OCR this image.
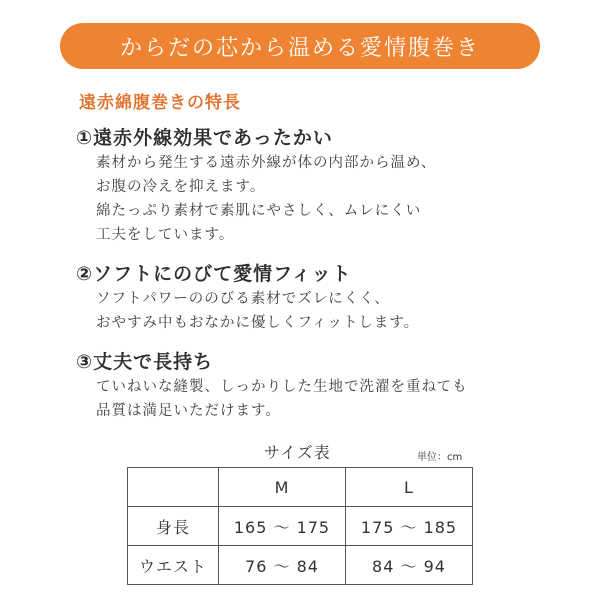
からだの芯から温める愛情腹巻き
遠赤綿腹巻きの特長
①遠赤外線効果であったかい
素材から発生する遠赤外線が体の内部から温め、
お腹の冷えを抑えます。
綿たっぷり素材で素肌にやさしく、ムレにくい
工夫をしています。
②ソフトにのびて愛情フィット
ソフトパワーののびる素材でズレにくく、
おやすみ中もおなかに優しくフィットします。
③丈夫で長持ち
ていねいな縫製、しっかりした生地で洗濯を重ねても
品質は満足いただけます。
サイズ表	単位：cm
	M	L
身長	165 〜 175	175 〜 185
ウエスト	76 〜 84	84 〜 94
